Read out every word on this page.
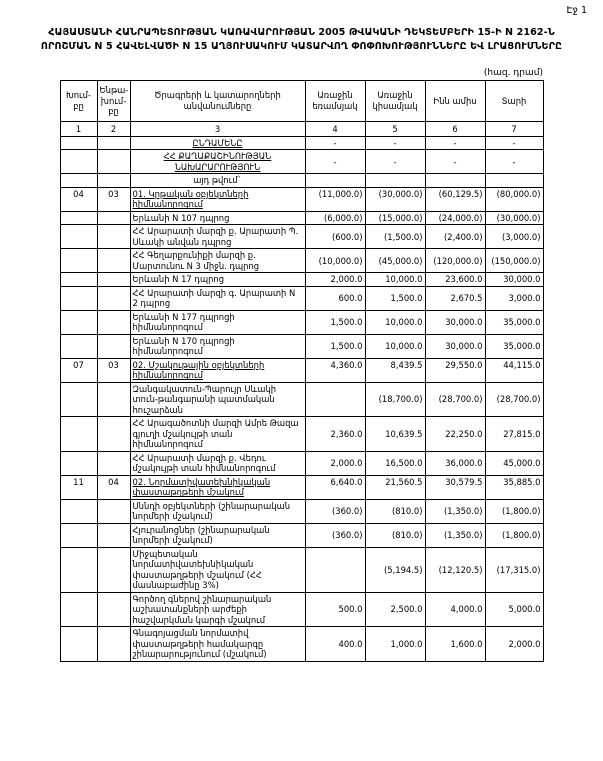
Էջ 1
ՀԱՅԱՍՏԱՆԻ ՀԱՆՐԱՊԵՏՈՒԹՅԱՆ ԿԱՌԱՎԱՐՈՒԹՅԱՆ 2005 ԹՎԱԿԱՆԻ ԴԵԿՏԵՄԲԵՐԻ 15-Ի N 2162-Ն
ՈՐՈՇՄԱՆ N 5 ՀԱՎԵԼՎԱԾԻ N 15 ԱՂՅՈՒՍԱԿՈՒՄ ԿԱՏԱՐՎՈՂ ՓՈՓՈԽՈՒԹՅՈՒՆՆԵՐԸ ԵՎ ԼՐԱՑՈՒՄՆԵՐԸ
(հազ. դրամ)
Խում-բը	Ենթա-խում-բը	Ծրագրերի և կատարողների անվանումները	Առաջին եռամսյակ	Առաջին կիսամյակ	Ինն ամիս	Տարի
1	2	3	4	5	6	7
		ԸՆԴԱՄԵՆԸ	-	-	-	-
		ՀՀ ՔԱՂԱՔԱՇԻՆՈՒԹՅԱՆ ՆԱԽԱՐԱՐՈՒԹՅՈՒՆ	-	-	-	-
		այդ թվում`				
04	03	01. Կրթական օբյեկտների հիմնանորոգում	(11,000.0)	(30,000.0)	(60,129.5)	(80,000.0)
		Երևանի N 107 դպրոց	(6,000.0)	(15,000.0)	(24,000.0)	(30,000.0)
		ՀՀ Արարատի մարզի ք. Արարատի Պ. Սևակի անվան դպրոց	(600.0)	(1,500.0)	(2,400.0)	(3,000.0)
		ՀՀ Գեղարքունիքի մարզի ք. Մարտունու N 3 միջն. դպրոց	(10,000.0)	(45,000.0)	(120,000.0)	(150,000.0)
		Երևանի N 17 դպրոց	2,000.0	10,000.0	23,600.0	30,000.0
		ՀՀ Արարատի մարզի գ. Արարատի N 2 դպրոց	600.0	1,500.0	2,670.5	3,000.0
		Երևանի N 177 դպրոցի հիմնանորոգում	1,500.0	10,000.0	30,000.0	35,000.0
		Երևանի N 170 դպրոցի հիմնանորոգում	1,500.0	10,000.0	30,000.0	35,000.0
07	03	02. Մշակութային օբյեկտների հիմնանորոգում	4,360.0	8,439.5	29,550.0	44,115.0
		Զանգակատուն-Պարույր Սևակի տուն-թանգարանի պատմական հուշարձան		(18,700.0)	(28,700.0)	(28,700.0)
		ՀՀ Արագածոտնի մարզի Ամրե Թազա գյուղի մշակույթի տան հիմնանորոգում	2,360.0	10,639.5	22,250.0	27,815.0
		ՀՀ Արարատի մարզի ք. Վեդու մշակույթի տան հիմնանորոգում	2,000.0	16,500.0	36,000.0	45,000.0
11	04	02. Նորմատիվատեխնիկական փաստաթղթերի մշակում	6,640.0	21,560.5	30,579.5	35,885.0
		Սննդի օբյեկտների (շինարարական նորմերի մշակում)	(360.0)	(810.0)	(1,350.0)	(1,800.0)
		Հյուրանոցներ (շինարարական նորմերի մշակում)	(360.0)	(810.0)	(1,350.0)	(1,800.0)
		Միջպետական նորմատիվատեխնիկական փաստաթղթերի մշակում (ՀՀ մասնաբաժինը 3%)		(5,194.5)	(12,120.5)	(17,315.0)
		Գործող գներով շինարարական աշխատանքների արժեքի հաշվարկման կարգի մշակում	500.0	2,500.0	4,000.0	5,000.0
		Գնագոյացման նորմատիվ փաստաթղթերի համակարգը շինարարությունում (մշակում)	400.0	1,000.0	1,600.0	2,000.0
